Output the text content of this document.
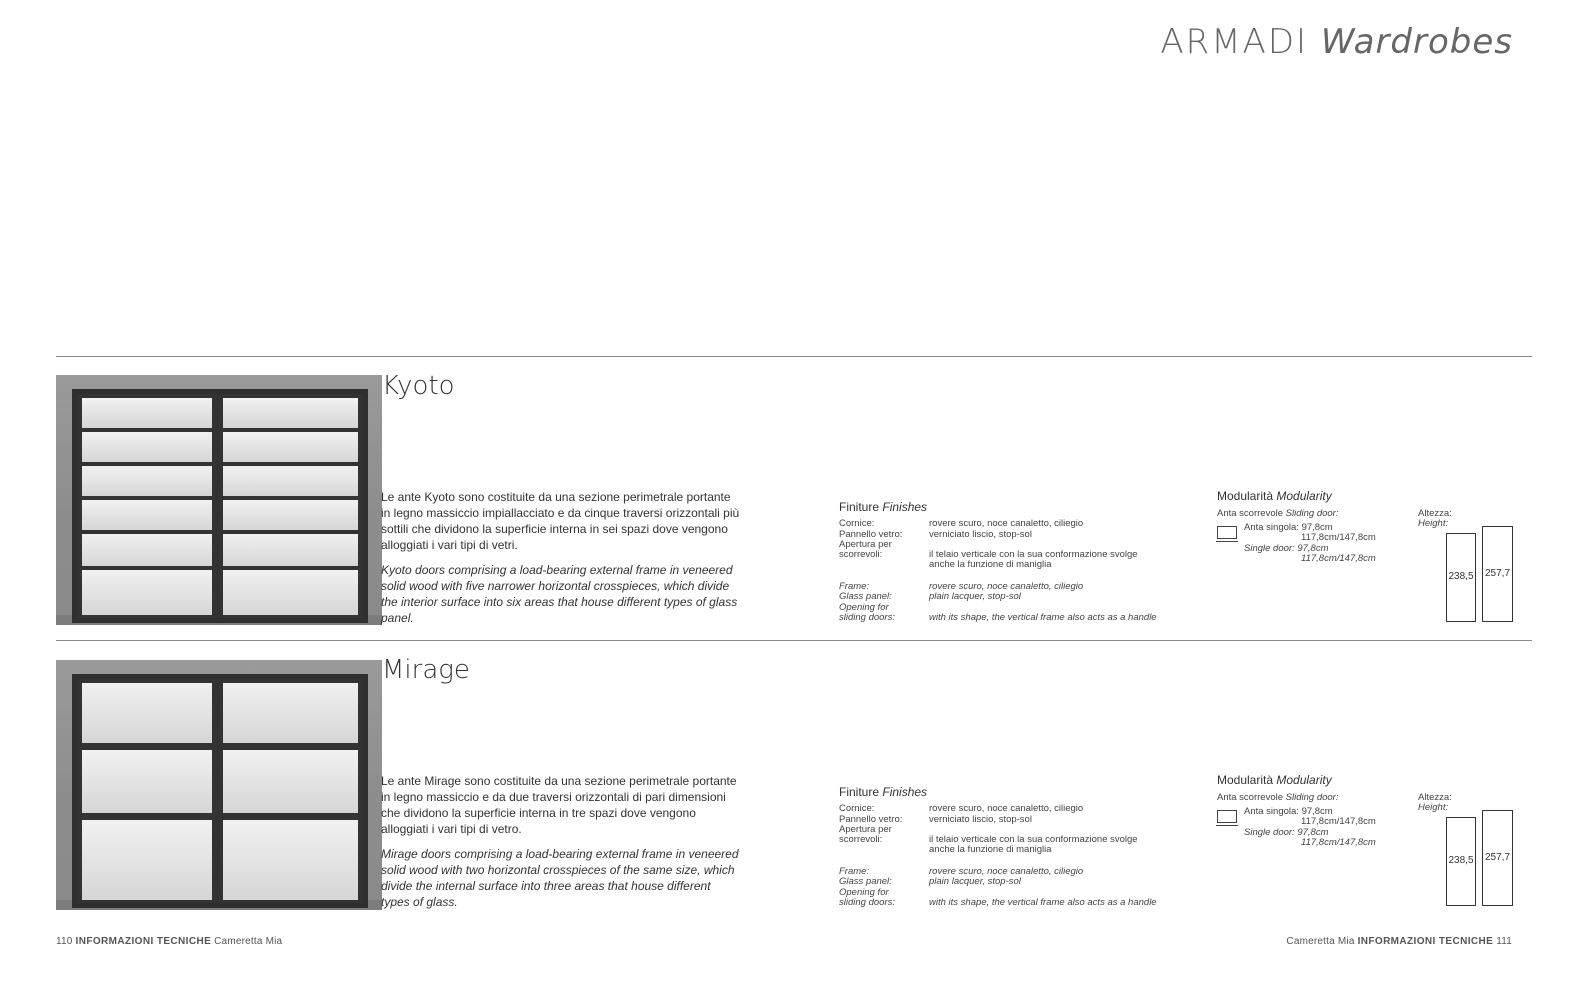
ARMADI Wardrobes
Kyoto

Le ante Kyoto sono costituite da una sezione perimetrale portante in legno massiccio impiallacciato e da cinque traversi orizzontali più sottili che dividono la superficie interna in sei spazi dove vengono alloggiati i vari tipi di vetri.

Kyoto doors comprising a load-bearing external frame in veneered solid wood with five narrower horizontal crosspieces, which divide the interior surface into six areas that house different types of glass panel.

Finiture Finishes
Cornice:	rovere scuro, noce canaletto, ciliegio
Pannello vetro:	verniciato liscio, stop-sol
Apertura per
scorrevoli:	il telaio verticale con la sua conformazione svolge
anche la funzione di maniglia
Frame:	rovere scuro, noce canaletto, ciliegio
Glass panel:	plain lacquer, stop-sol
Opening for
sliding doors:	with its shape, the vertical frame also acts as a handle
Modularità Modularity
Anta scorrevole Sliding door:
Anta singola: 97,8cm
117,8cm/147,8cm
Single door: 97,8cm
117,8cm/147,8cm
Altezza:
Height:
238,5 257,7
Mirage

Le ante Mirage sono costituite da una sezione perimetrale portante in legno massiccio e da due traversi orizzontali di pari dimensioni che dividono la superficie interna in tre spazi dove vengono alloggiati i vari tipi di vetro.

Mirage doors comprising a load-bearing external frame in veneered solid wood with two horizontal crosspieces of the same size, which divide the internal surface into three areas that house different types of glass.

Finiture Finishes
Cornice:	rovere scuro, noce canaletto, ciliegio
Pannello vetro:	verniciato liscio, stop-sol
Apertura per
scorrevoli:	il telaio verticale con la sua conformazione svolge
anche la funzione di maniglia
Frame:	rovere scuro, noce canaletto, ciliegio
Glass panel:	plain lacquer, stop-sol
Opening for
sliding doors:	with its shape, the vertical frame also acts as a handle
Modularità Modularity
Anta scorrevole Sliding door:
Anta singola: 97,8cm
117,8cm/147,8cm
Single door: 97,8cm
117,8cm/147,8cm
Altezza:
Height:
238,5 257,7
110 INFORMAZIONI TECNICHE Cameretta Mia	Cameretta Mia INFORMAZIONI TECNICHE 111
